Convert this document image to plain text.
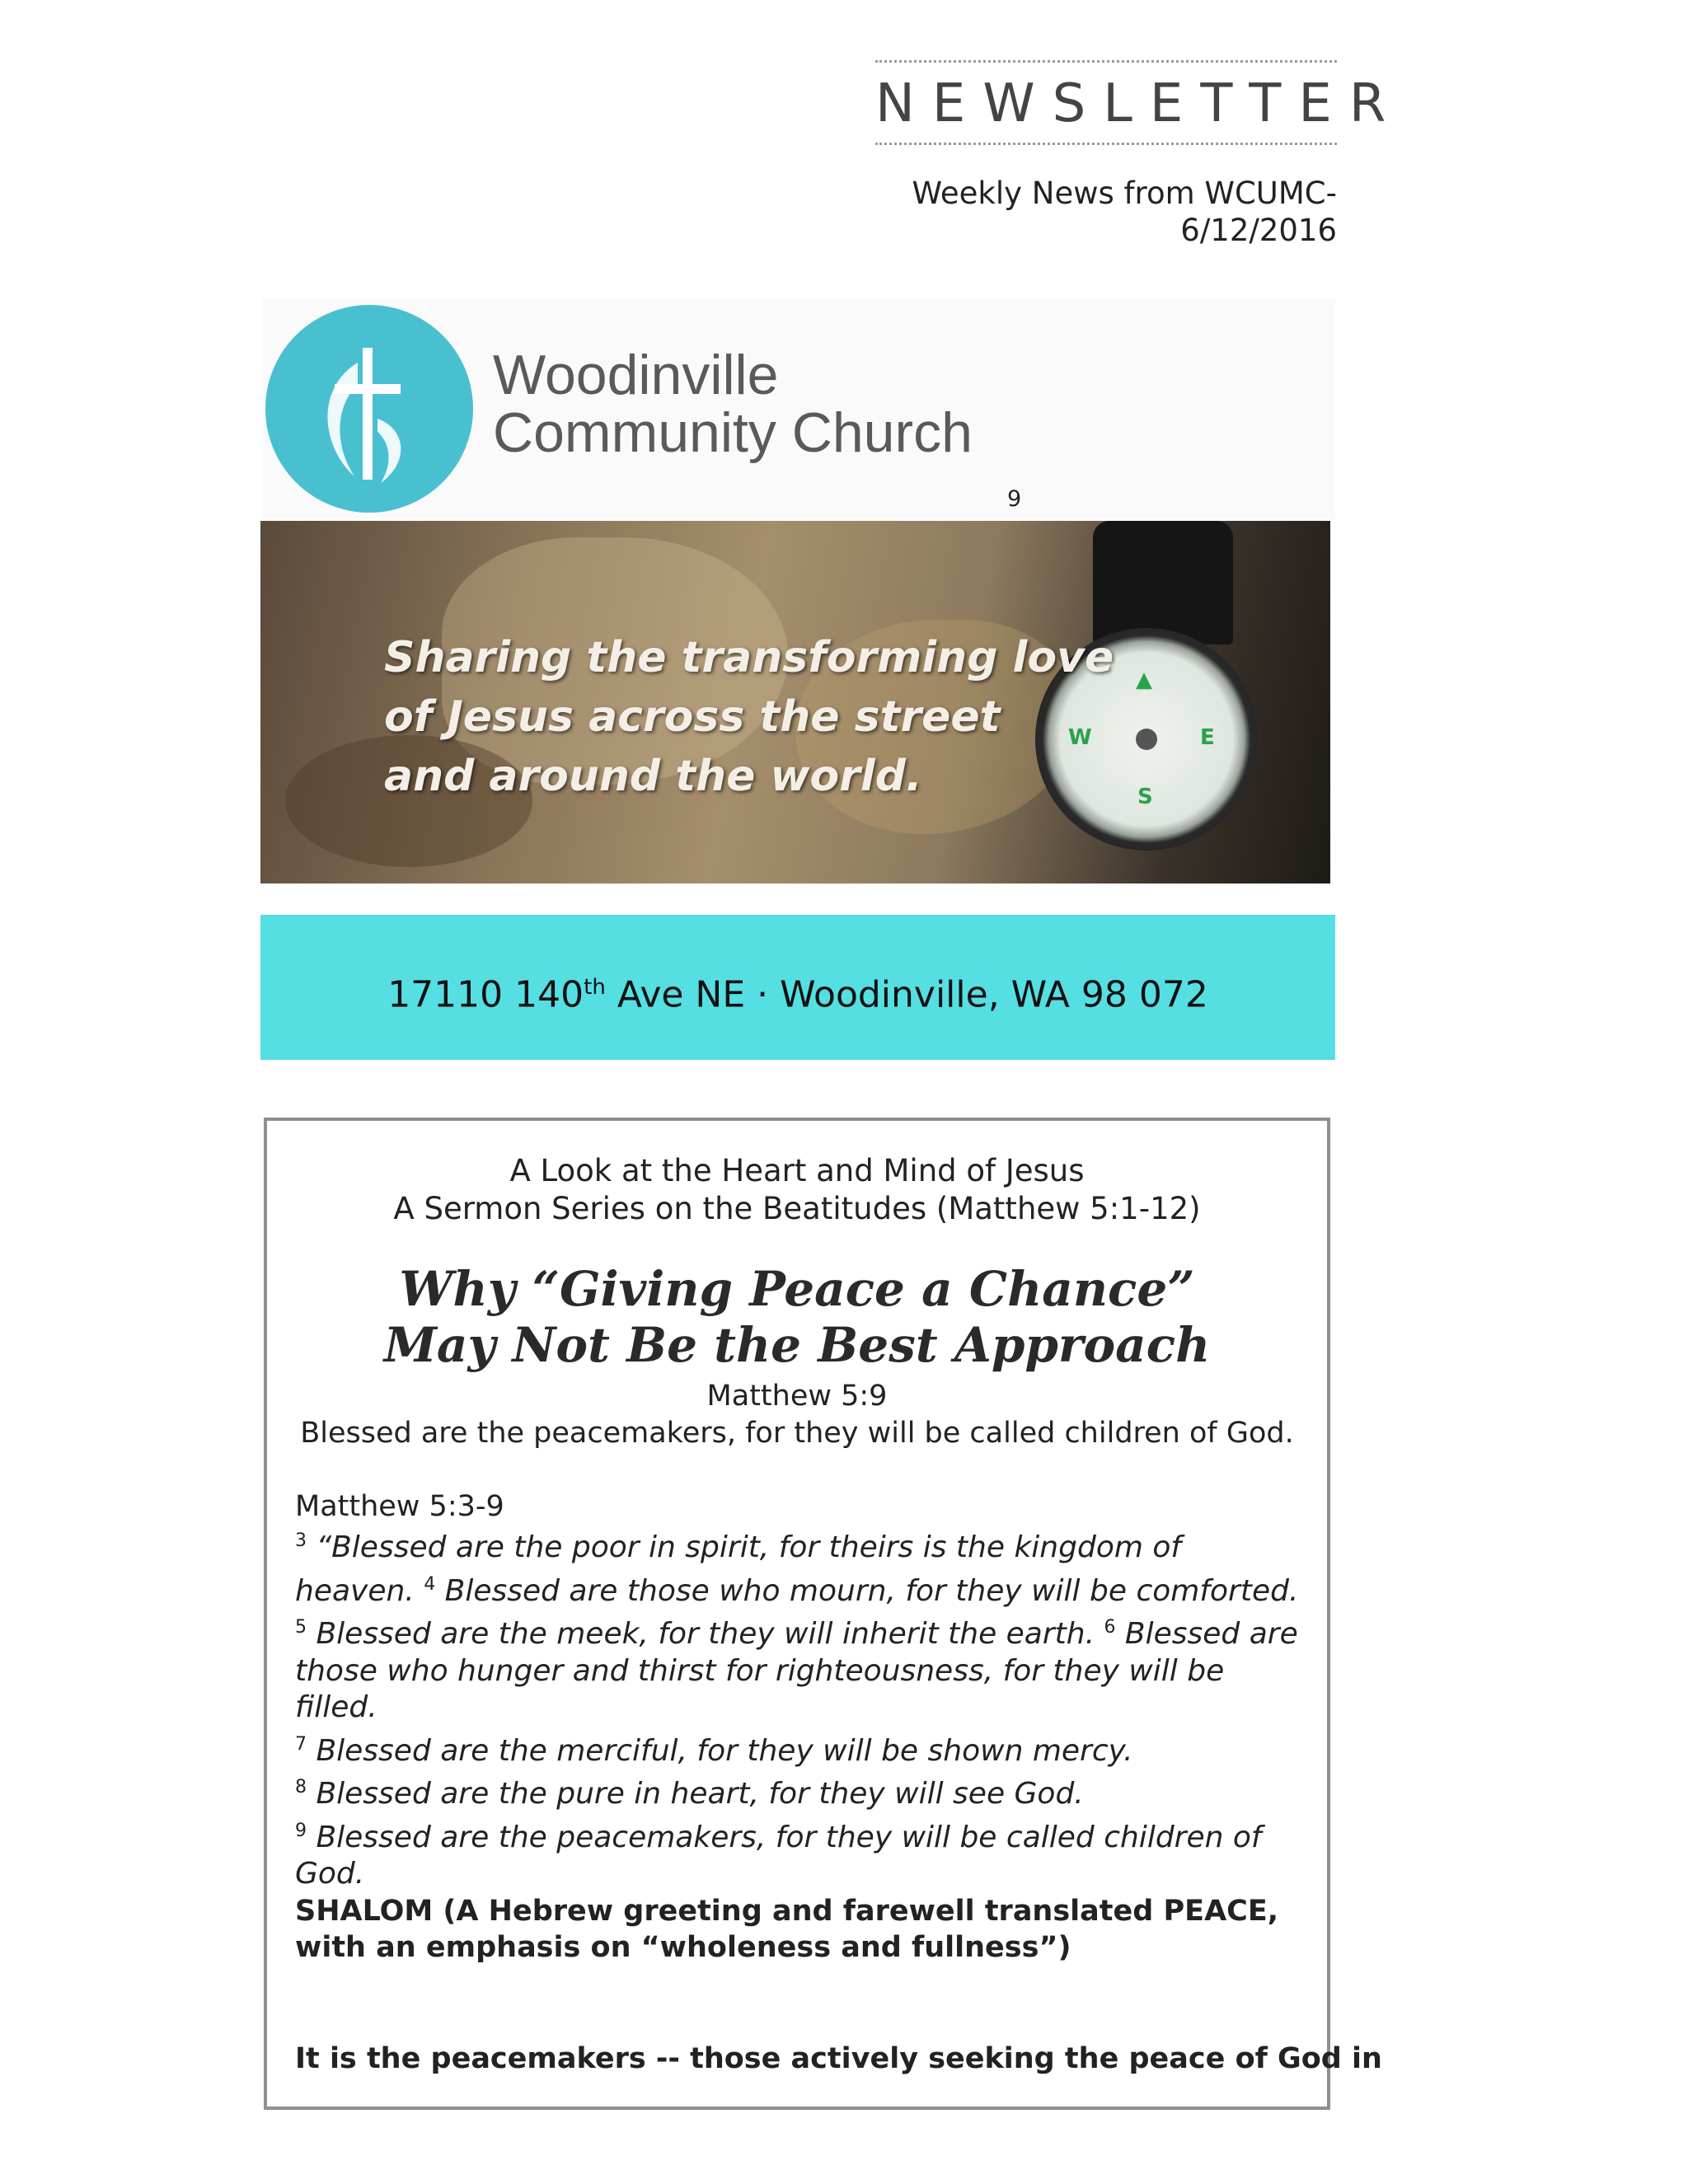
NEWSLETTER
Weekly News from WCUMC-
6/12/2016
Woodinville
Community Church
9
▲
W	E
S
Sharing the transforming love
of Jesus across the street
and around the world.
17110 140th Ave NE · Woodinville, WA 98 072
A Look at the Heart and Mind of Jesus
A Sermon Series on the Beatitudes (Matthew 5:1-12)
Why “Giving Peace a Chance”
May Not Be the Best Approach
Matthew 5:9
Blessed are the peacemakers, for they will be called children of God.
Matthew 5:3-9
$^3$ “Blessed are the poor in spirit, for theirs is the kingdom of heaven. $^4$ Blessed are those who mourn, for they will be comforted.
$^5$ Blessed are the meek, for they will inherit the earth. $^6$ Blessed are those who hunger and thirst for righteousness, for they will be filled.
$^7$ Blessed are the merciful, for they will be shown mercy.
$^8$ Blessed are the pure in heart, for they will see God.
$^9$ Blessed are the peacemakers, for they will be called children of God.
SHALOM (A Hebrew greeting and farewell translated PEACE, with an emphasis on “wholeness and fullness”)
It is the peacemakers -- those actively seeking the peace of God in
